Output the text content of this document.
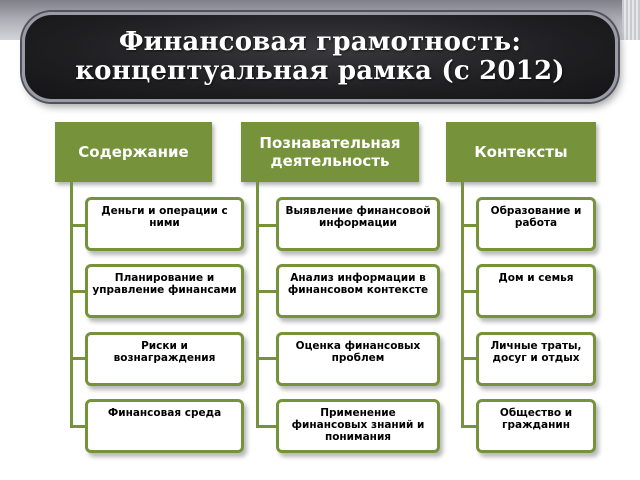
Финансовая грамотность:
концептуальная рамка (с 2012)
Содержание
Деньги и операции с ними
Планирование и управление финансами
Риски и вознаграждения
Финансовая среда
Познавательная деятельность
Выявление финансовой информации
Анализ информации в финансовом контексте
Оценка финансовых проблем
Применение финансовых знаний и понимания
Контексты
Образование и работа
Дом и семья
Личные траты, досуг и отдых
Общество и гражданин
